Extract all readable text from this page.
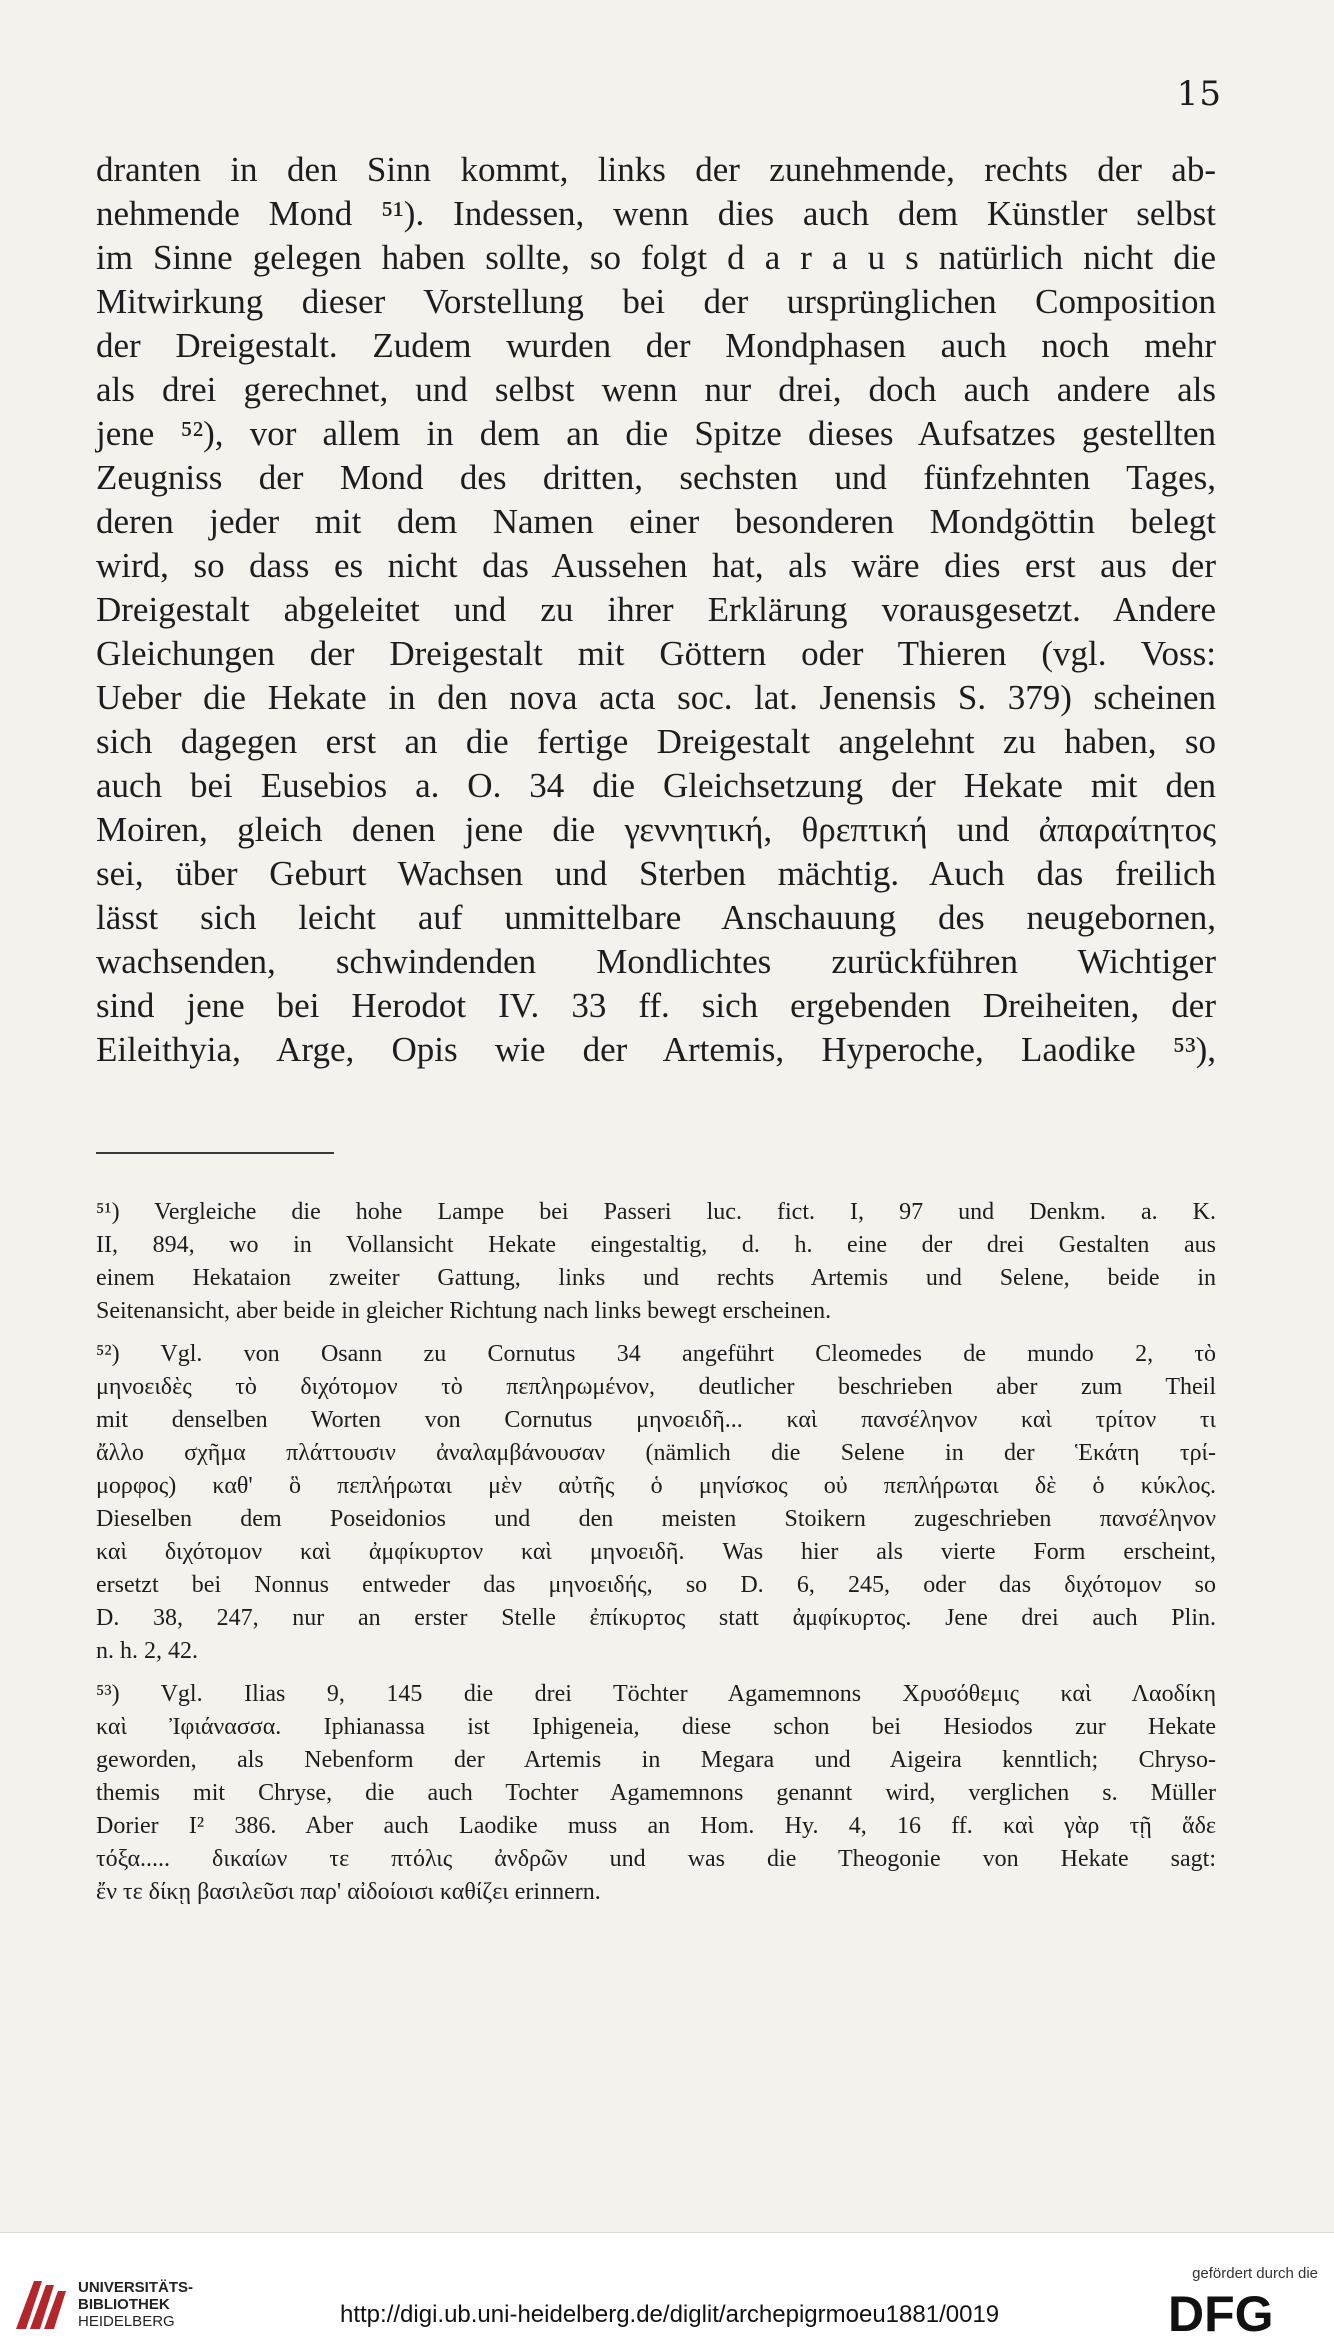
15
dranten in den Sinn kommt, links der zunehmende, rechts der ab-
nehmende Mond ⁵¹). Indessen, wenn dies auch dem Künstler selbst
im Sinne gelegen haben sollte, so folgt d a r a u s natürlich nicht die
Mitwirkung dieser Vorstellung bei der ursprünglichen Composition
der Dreigestalt. Zudem wurden der Mondphasen auch noch mehr
als drei gerechnet, und selbst wenn nur drei, doch auch andere als
jene ⁵²), vor allem in dem an die Spitze dieses Aufsatzes gestellten
Zeugniss der Mond des dritten, sechsten und fünfzehnten Tages,
deren jeder mit dem Namen einer besonderen Mondgöttin belegt
wird, so dass es nicht das Aussehen hat, als wäre dies erst aus der
Dreigestalt abgeleitet und zu ihrer Erklärung vorausgesetzt. Andere
Gleichungen der Dreigestalt mit Göttern oder Thieren (vgl. Voss:
Ueber die Hekate in den nova acta soc. lat. Jenensis S. 379) scheinen
sich dagegen erst an die fertige Dreigestalt angelehnt zu haben, so
auch bei Eusebios a. O. 34 die Gleichsetzung der Hekate mit den
Moiren, gleich denen jene die γεννητική, θρεπτική und ἀπαραίτητος
sei, über Geburt Wachsen und Sterben mächtig. Auch das freilich
lässt sich leicht auf unmittelbare Anschauung des neugebornen,
wachsenden, schwindenden Mondlichtes zurückführen Wichtiger
sind jene bei Herodot IV. 33 ff. sich ergebenden Dreiheiten, der
Eileithyia, Arge, Opis wie der Artemis, Hyperoche, Laodike ⁵³),
⁵¹) Vergleiche die hohe Lampe bei Passeri luc. fict. I, 97 und Denkm. a. K.
II, 894, wo in Vollansicht Hekate eingestaltig, d. h. eine der drei Gestalten aus
einem Hekataion zweiter Gattung, links und rechts Artemis und Selene, beide in
Seitenansicht, aber beide in gleicher Richtung nach links bewegt erscheinen.
⁵²) Vgl. von Osann zu Cornutus 34 angeführt Cleomedes de mundo 2, τὸ
μηνοειδὲς τὸ διχότομον τὸ πεπληρωμένον, deutlicher beschrieben aber zum Theil
mit denselben Worten von Cornutus μηνοειδῆ... καὶ πανσέληνον καὶ τρίτον τι
ἄλλο σχῆμα πλάττουσιν ἀναλαμβάνουσαν (nämlich die Selene in der Ἑκάτη τρί-
μορφος) καθ' ὃ πεπλήρωται μὲν αὐτῆς ὁ μηνίσκος οὐ πεπλήρωται δὲ ὁ κύκλος.
Dieselben dem Poseidonios und den meisten Stoikern zugeschrieben πανσέληνον
καὶ διχότομον καὶ ἀμφίκυρτον καὶ μηνοειδῆ. Was hier als vierte Form erscheint,
ersetzt bei Nonnus entweder das μηνοειδής, so D. 6, 245, oder das διχότομον so
D. 38, 247, nur an erster Stelle ἐπίκυρτος statt ἀμφίκυρτος. Jene drei auch Plin.
n. h. 2, 42.
⁵³) Vgl. Ilias 9, 145 die drei Töchter Agamemnons Χρυσόθεμις καὶ Λαοδίκη
καὶ Ἰφιάνασσα. Iphianassa ist Iphigeneia, diese schon bei Hesiodos zur Hekate
geworden, als Nebenform der Artemis in Megara und Aigeira kenntlich; Chryso-
themis mit Chryse, die auch Tochter Agamemnons genannt wird, verglichen s. Müller
Dorier I² 386. Aber auch Laodike muss an Hom. Hy. 4, 16 ff. καὶ γὰρ τῇ ἅδε
τόξα..... δικαίων τε πτόλις ἀνδρῶν und was die Theogonie von Hekate sagt:
ἔν τε δίκῃ βασιλεῦσι παρ' αἰδοίοισι καθίζει erinnern.
UNIVERSITÄTS-
BIBLIOTHEK
HEIDELBERG	http://digi.ub.uni-heidelberg.de/diglit/archepigrmoeu1881/0019
gefördert durch die
DFG
